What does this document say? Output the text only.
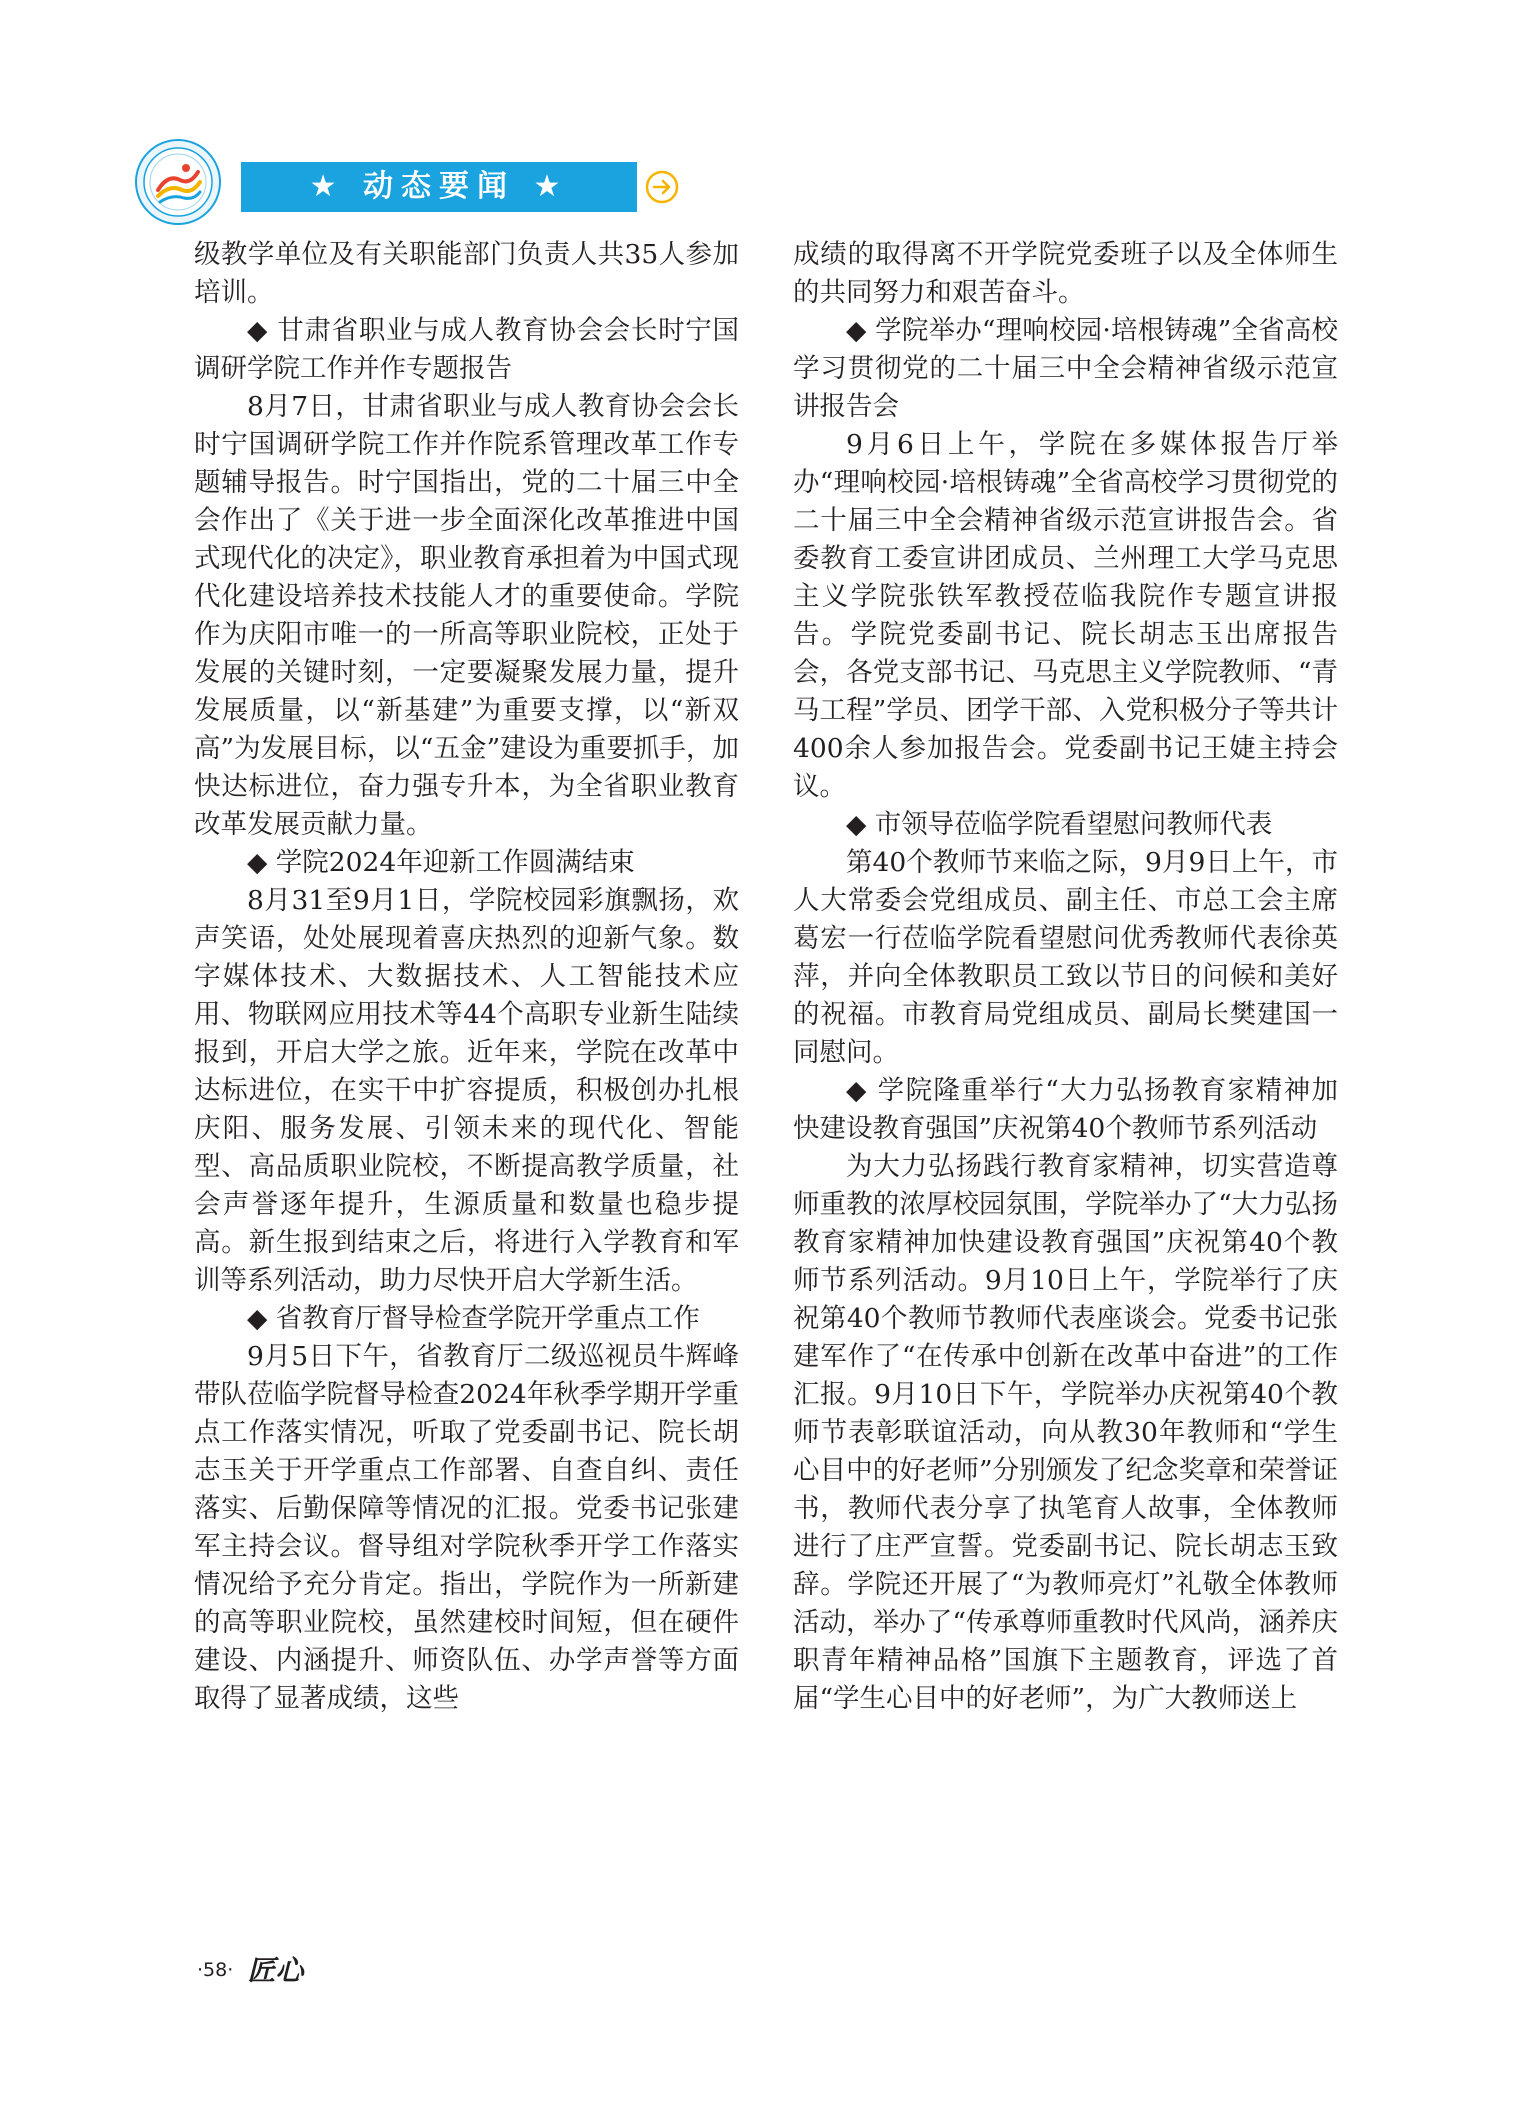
★ 动态要闻 ★

级教学单位及有关职能部门负责人共35人参加培训。

◆ 甘肃省职业与成人教育协会会长时宁国调研学院工作并作专题报告

8月7日，甘肃省职业与成人教育协会会长时宁国调研学院工作并作院系管理改革工作专题辅导报告。时宁国指出，党的二十届三中全会作出了《关于进一步全面深化改革推进中国式现代化的决定》，职业教育承担着为中国式现代化建设培养技术技能人才的重要使命。学院作为庆阳市唯一的一所高等职业院校，正处于发展的关键时刻，一定要凝聚发展力量，提升发展质量，以“新基建”为重要支撑，以“新双高”为发展目标，以“五金”建设为重要抓手，加快达标进位，奋力强专升本，为全省职业教育改革发展贡献力量。

◆ 学院2024年迎新工作圆满结束

8月31至9月1日，学院校园彩旗飘扬，欢声笑语，处处展现着喜庆热烈的迎新气象。数字媒体技术、大数据技术、人工智能技术应用、物联网应用技术等44个高职专业新生陆续报到，开启大学之旅。近年来，学院在改革中达标进位，在实干中扩容提质，积极创办扎根庆阳、服务发展、引领未来的现代化、智能型、高品质职业院校，不断提高教学质量，社会声誉逐年提升，生源质量和数量也稳步提高。新生报到结束之后，将进行入学教育和军训等系列活动，助力尽快开启大学新生活。

◆ 省教育厅督导检查学院开学重点工作

9月5日下午，省教育厅二级巡视员牛辉峰带队莅临学院督导检查2024年秋季学期开学重点工作落实情况，听取了党委副书记、院长胡志玉关于开学重点工作部署、自查自纠、责任落实、后勤保障等情况的汇报。党委书记张建军主持会议。督导组对学院秋季开学工作落实情况给予充分肯定。指出，学院作为一所新建的高等职业院校，虽然建校时间短，但在硬件建设、内涵提升、师资队伍、办学声誉等方面取得了显著成绩，这些

成绩的取得离不开学院党委班子以及全体师生的共同努力和艰苦奋斗。

◆ 学院举办“理响校园·培根铸魂”全省高校学习贯彻党的二十届三中全会精神省级示范宣讲报告会

9月6日上午，学院在多媒体报告厅举办“理响校园·培根铸魂”全省高校学习贯彻党的二十届三中全会精神省级示范宣讲报告会。省委教育工委宣讲团成员、兰州理工大学马克思主义学院张铁军教授莅临我院作专题宣讲报告。学院党委副书记、院长胡志玉出席报告会，各党支部书记、马克思主义学院教师、“青马工程”学员、团学干部、入党积极分子等共计400余人参加报告会。党委副书记王婕主持会议。

◆ 市领导莅临学院看望慰问教师代表

第40个教师节来临之际，9月9日上午，市人大常委会党组成员、副主任、市总工会主席葛宏一行莅临学院看望慰问优秀教师代表徐英萍，并向全体教职员工致以节日的问候和美好的祝福。市教育局党组成员、副局长樊建国一同慰问。

◆ 学院隆重举行“大力弘扬教育家精神加快建设教育强国”庆祝第40个教师节系列活动

为大力弘扬践行教育家精神，切实营造尊师重教的浓厚校园氛围，学院举办了“大力弘扬教育家精神加快建设教育强国”庆祝第40个教师节系列活动。9月10日上午，学院举行了庆祝第40个教师节教师代表座谈会。党委书记张建军作了“在传承中创新在改革中奋进”的工作汇报。9月10日下午，学院举办庆祝第40个教师节表彰联谊活动，向从教30年教师和“学生心目中的好老师”分别颁发了纪念奖章和荣誉证书，教师代表分享了执笔育人故事，全体教师进行了庄严宣誓。党委副书记、院长胡志玉致辞。学院还开展了“为教师亮灯”礼敬全体教师活动，举办了“传承尊师重教时代风尚，涵养庆职青年精神品格”国旗下主题教育，评选了首届“学生心目中的好老师”，为广大教师送上

·58· 匠心
